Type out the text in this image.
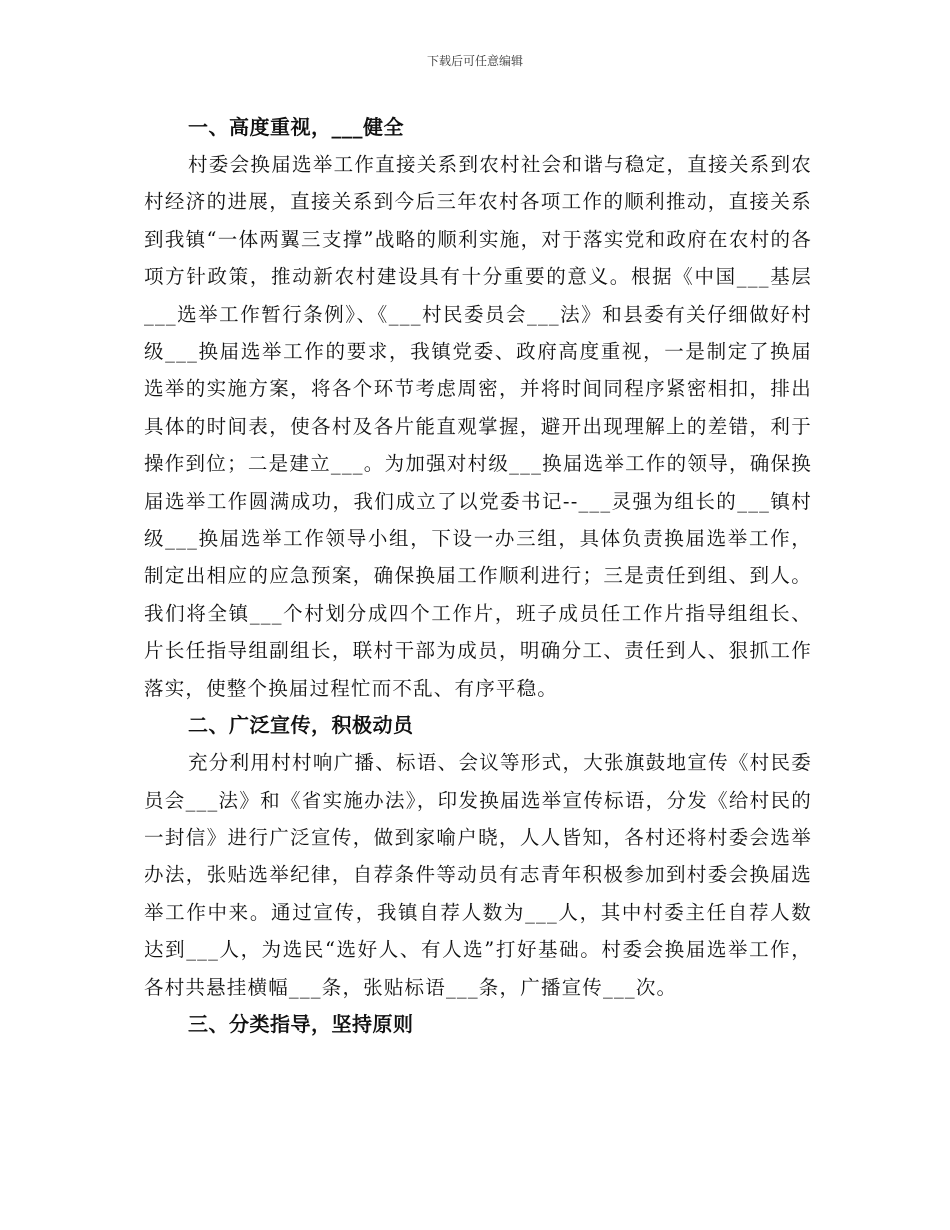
下载后可任意编辑
一、高度重视，___健全

村委会换届选举工作直接关系到农村社会和谐与稳定，直接关系到农村经济的进展，直接关系到今后三年农村各项工作的顺利推动，直接关系到我镇“一体两翼三支撑”战略的顺利实施，对于落实党和政府在农村的各项方针政策，推动新农村建设具有十分重要的意义。根据《中国___基层___选举工作暂行条例》、《___村民委员会___法》和县委有关仔细做好村级___换届选举工作的要求，我镇党委、政府高度重视，一是制定了换届选举的实施方案，将各个环节考虑周密，并将时间同程序紧密相扣，排出具体的时间表，使各村及各片能直观掌握，避开出现理解上的差错，利于操作到位；二是建立___。为加强对村级___换届选举工作的领导，确保换届选举工作圆满成功，我们成立了以党委书记--___灵强为组长的___镇村级___换届选举工作领导小组，下设一办三组，具体负责换届选举工作，制定出相应的应急预案，确保换届工作顺利进行；三是责任到组、到人。我们将全镇___个村划分成四个工作片，班子成员任工作片指导组组长、片长任指导组副组长，联村干部为成员，明确分工、责任到人、狠抓工作落实，使整个换届过程忙而不乱、有序平稳。

二、广泛宣传，积极动员

充分利用村村响广播、标语、会议等形式，大张旗鼓地宣传《村民委员会___法》和《省实施办法》，印发换届选举宣传标语，分发《给村民的一封信》进行广泛宣传，做到家喻户晓，人人皆知，各村还将村委会选举办法，张贴选举纪律，自荐条件等动员有志青年积极参加到村委会换届选举工作中来。通过宣传，我镇自荐人数为___人，其中村委主任自荐人数达到___人，为选民“选好人、有人选”打好基础。村委会换届选举工作，各村共悬挂横幅___条，张贴标语___条，广播宣传___次。

三、分类指导，坚持原则
